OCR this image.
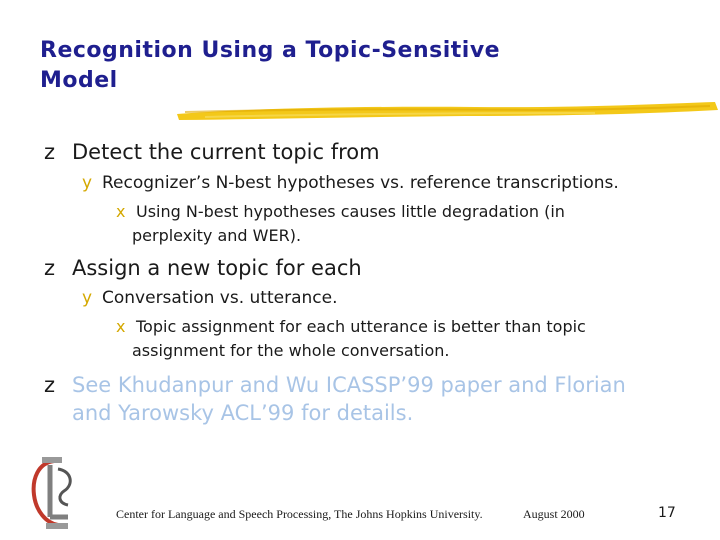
Recognition Using a Topic-Sensitive
Model
z Detect the current topic from
y Recognizer’s N-best hypotheses vs. reference transcriptions.
x Using N-best hypotheses causes little degradation (in
perplexity and WER).
z Assign a new topic for each
y Conversation vs. utterance.
x Topic assignment for each utterance is better than topic
assignment for the whole conversation.
z See Khudanpur and Wu ICASSP’99 paper and Florian
and Yarowsky ACL’99 for details.
Center for Language and Speech Processing, The Johns Hopkins University.	August 2000	17
